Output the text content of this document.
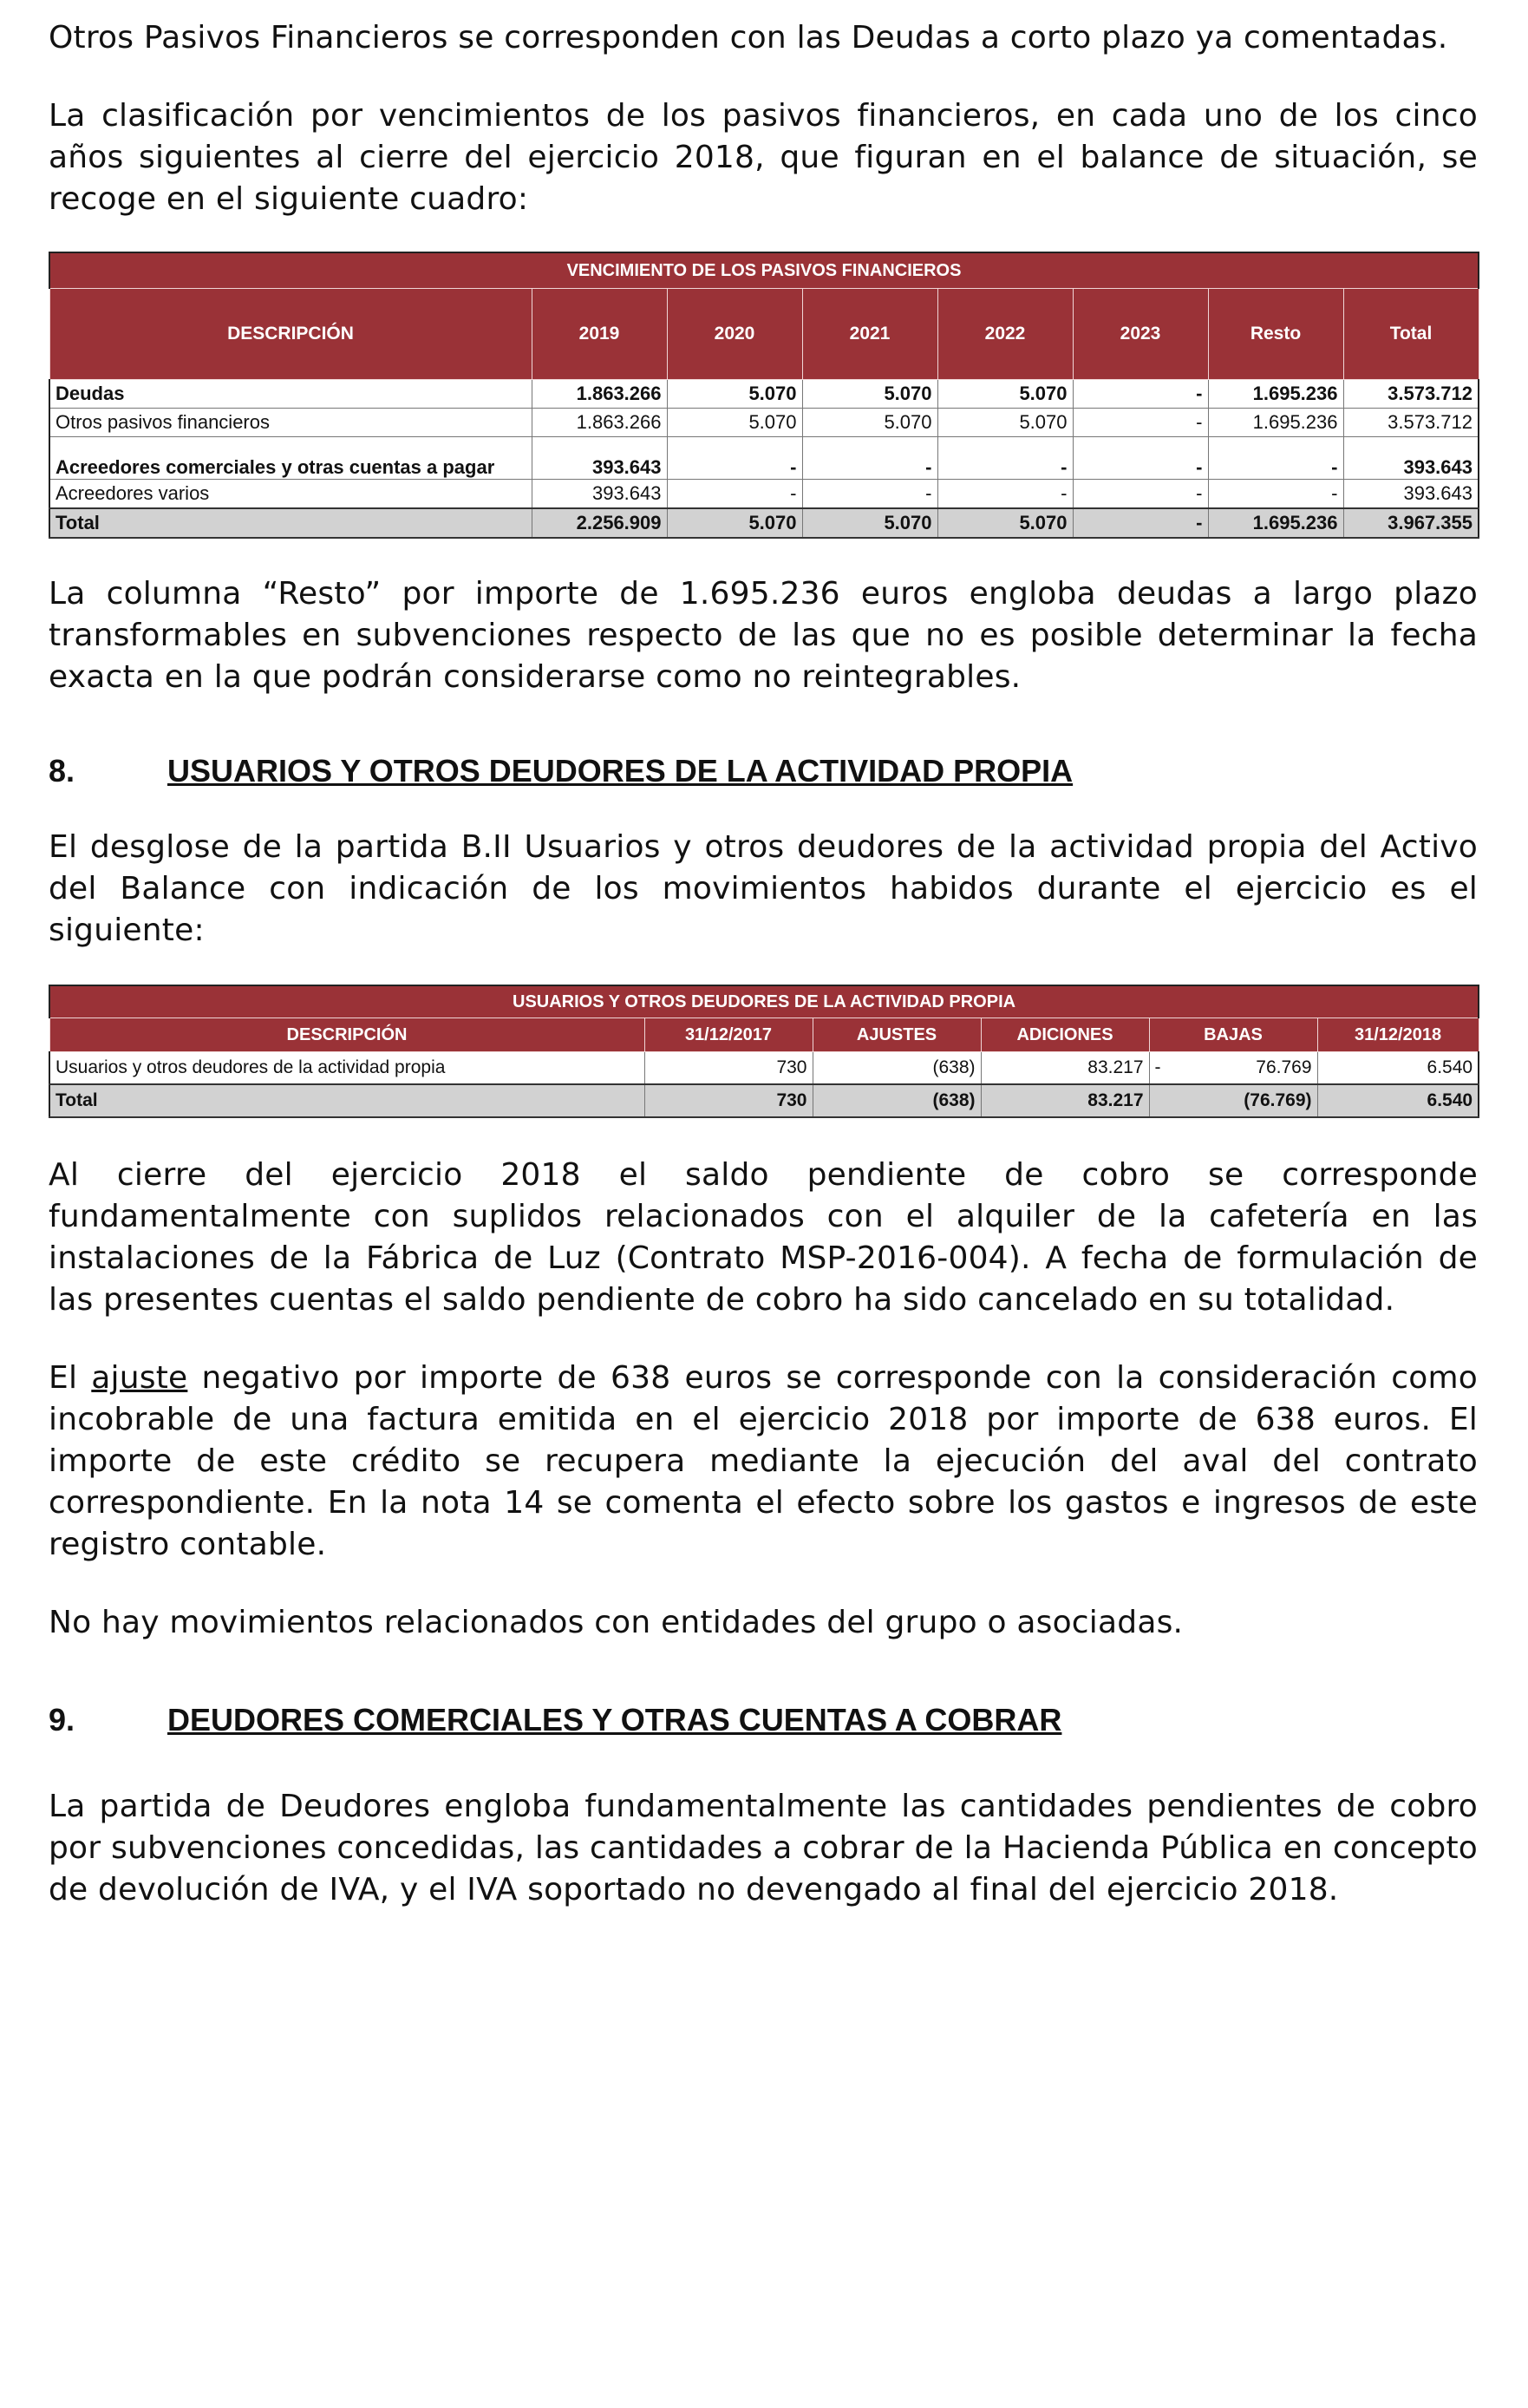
Otros Pasivos Financieros se corresponden con las Deudas a corto plazo ya comentadas.

La clasificación por vencimientos de los pasivos financieros, en cada uno de los cinco años siguientes al cierre del ejercicio 2018, que figuran en el balance de situación, se recoge en el siguiente cuadro:

VENCIMIENTO DE LOS PASIVOS FINANCIEROS							
DESCRIPCIÓN	2019	2020	2021	2022	2023	Resto	Total
Deudas	1.863.266	5.070	5.070	5.070	-	1.695.236	3.573.712
Otros pasivos financieros	1.863.266	5.070	5.070	5.070	-	1.695.236	3.573.712
Acreedores comerciales y otras cuentas a pagar	393.643	-	-	-	-	-	393.643
Acreedores varios	393.643	-	-	-	-	-	393.643
Total	2.256.909	5.070	5.070	5.070	-	1.695.236	3.967.355

La columna “Resto” por importe de 1.695.236 euros engloba deudas a largo plazo transformables en subvenciones respecto de las que no es posible determinar la fecha exacta en la que podrán considerarse como no reintegrables.

8.	USUARIOS Y OTROS DEUDORES DE LA ACTIVIDAD PROPIA

El desglose de la partida B.II Usuarios y otros deudores de la actividad propia del Activo del Balance con indicación de los movimientos habidos durante el ejercicio es el siguiente:

USUARIOS Y OTROS DEUDORES DE LA ACTIVIDAD PROPIA					
DESCRIPCIÓN	31/12/2017	AJUSTES	ADICIONES	BAJAS	31/12/2018
Usuarios y otros deudores de la actividad propia	730	(638)	83.217	- 76.769	6.540
Total	730	(638)	83.217	(76.769)	6.540

Al cierre del ejercicio 2018 el saldo pendiente de cobro se corresponde fundamentalmente con suplidos relacionados con el alquiler de la cafetería en las instalaciones de la Fábrica de Luz (Contrato MSP-2016-004). A fecha de formulación de las presentes cuentas el saldo pendiente de cobro ha sido cancelado en su totalidad.

El ajuste negativo por importe de 638 euros se corresponde con la consideración como incobrable de una factura emitida en el ejercicio 2018 por importe de 638 euros. El importe de este crédito se recupera mediante la ejecución del aval del contrato correspondiente. En la nota 14 se comenta el efecto sobre los gastos e ingresos de este registro contable.

No hay movimientos relacionados con entidades del grupo o asociadas.

9.	DEUDORES COMERCIALES Y OTRAS CUENTAS A COBRAR

La partida de Deudores engloba fundamentalmente las cantidades pendientes de cobro por subvenciones concedidas, las cantidades a cobrar de la Hacienda Pública en concepto de devolución de IVA, y el IVA soportado no devengado al final del ejercicio 2018.
